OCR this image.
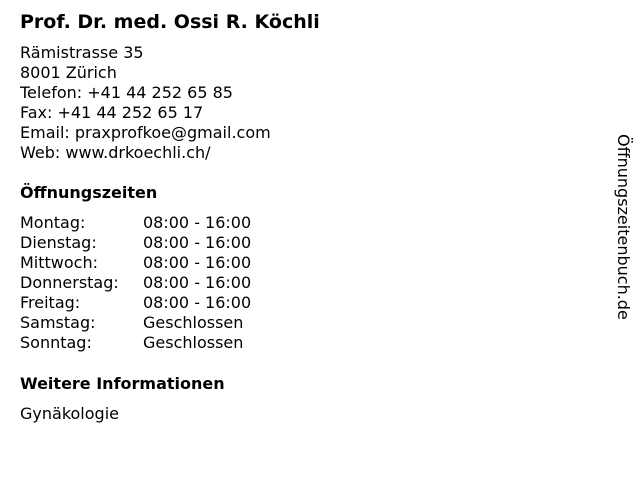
Prof. Dr. med. Ossi R. Köchli
Rämistrasse 35
8001 Zürich
Telefon: +41 44 252 65 85
Fax: +41 44 252 65 17
Email: praxprofkoe@gmail.com
Web: www.drkoechli.ch/
Öffnungszeiten
Montag:	08:00 - 16:00
Dienstag:	08:00 - 16:00
Mittwoch:	08:00 - 16:00
Donnerstag:	08:00 - 16:00
Freitag:	08:00 - 16:00
Samstag:	Geschlossen
Sonntag:	Geschlossen
Weitere Informationen
Gynäkologie
Öffnungszeitenbuch.de
